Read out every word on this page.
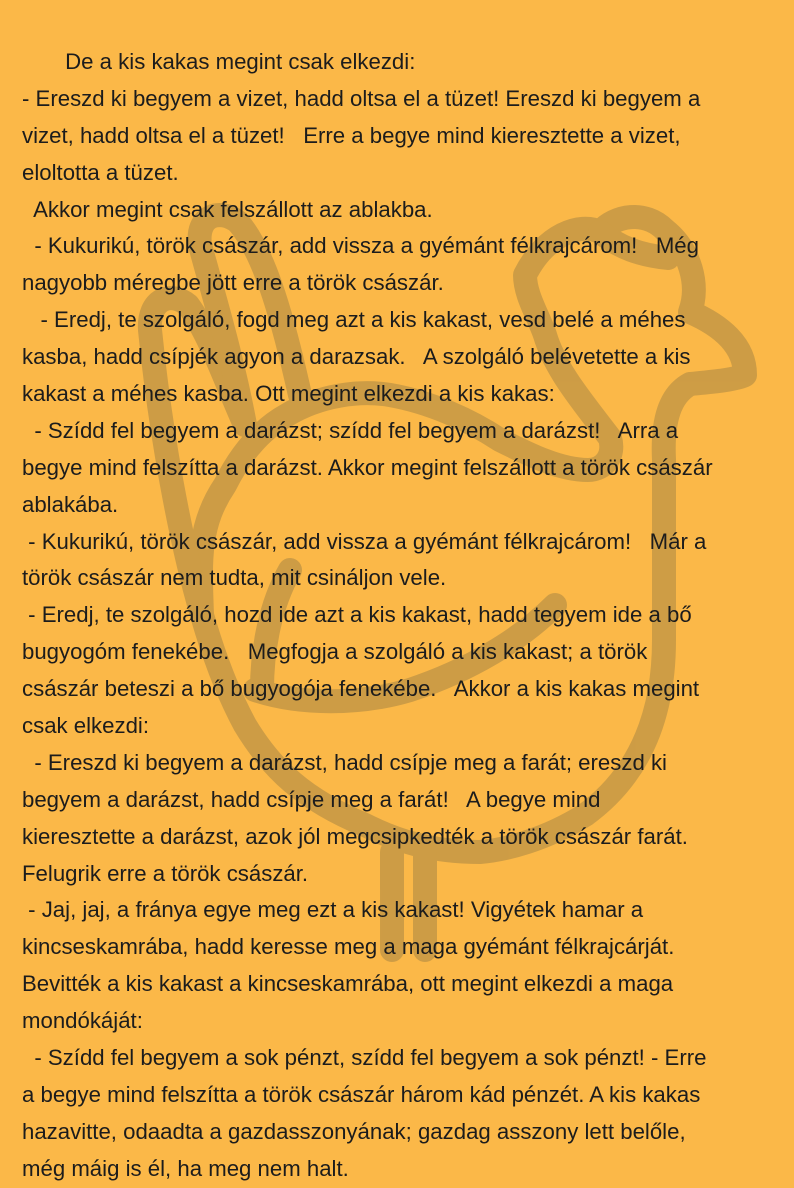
De a kis kakas megint csak elkezdi:
- Ereszd ki begyem a vizet, hadd oltsa el a tüzet! Ereszd ki begyem a
vizet, hadd oltsa el a tüzet!   Erre a begye mind kieresztette a vizet,
eloltotta a tüzet.
Akkor megint csak felszállott az ablakba.
- Kukurikú, török császár, add vissza a gyémánt félkrajcárom!   Még
nagyobb méregbe jött erre a török császár.
- Eredj, te szolgáló, fogd meg azt a kis kakast, vesd belé a méhes
kasba, hadd csípjék agyon a darazsak.   A szolgáló belévetette a kis
kakast a méhes kasba. Ott megint elkezdi a kis kakas:
- Szídd fel begyem a darázst; szídd fel begyem a darázst!   Arra a
begye mind felszítta a darázst. Akkor megint felszállott a török császár
ablakába.
- Kukurikú, török császár, add vissza a gyémánt félkrajcárom!   Már a
török császár nem tudta, mit csináljon vele.
- Eredj, te szolgáló, hozd ide azt a kis kakast, hadd tegyem ide a bő
bugyogóm fenekébe.   Megfogja a szolgáló a kis kakast; a török
császár beteszi a bő bugyogója fenekébe.   Akkor a kis kakas megint
csak elkezdi:
- Ereszd ki begyem a darázst, hadd csípje meg a farát; ereszd ki
begyem a darázst, hadd csípje meg a farát!   A begye mind
kieresztette a darázst, azok jól megcsipkedték a török császár farát.
Felugrik erre a török császár.
- Jaj, jaj, a fránya egye meg ezt a kis kakast! Vigyétek hamar a
kincseskamrába, hadd keresse meg a maga gyémánt félkrajcárját.
Bevitték a kis kakast a kincseskamrába, ott megint elkezdi a maga
mondókáját:
- Szídd fel begyem a sok pénzt, szídd fel begyem a sok pénzt! - Erre
a begye mind felszítta a török császár három kád pénzét. A kis kakas
hazavitte, odaadta a gazdasszonyának; gazdag asszony lett belőle,
még máig is él, ha meg nem halt.
